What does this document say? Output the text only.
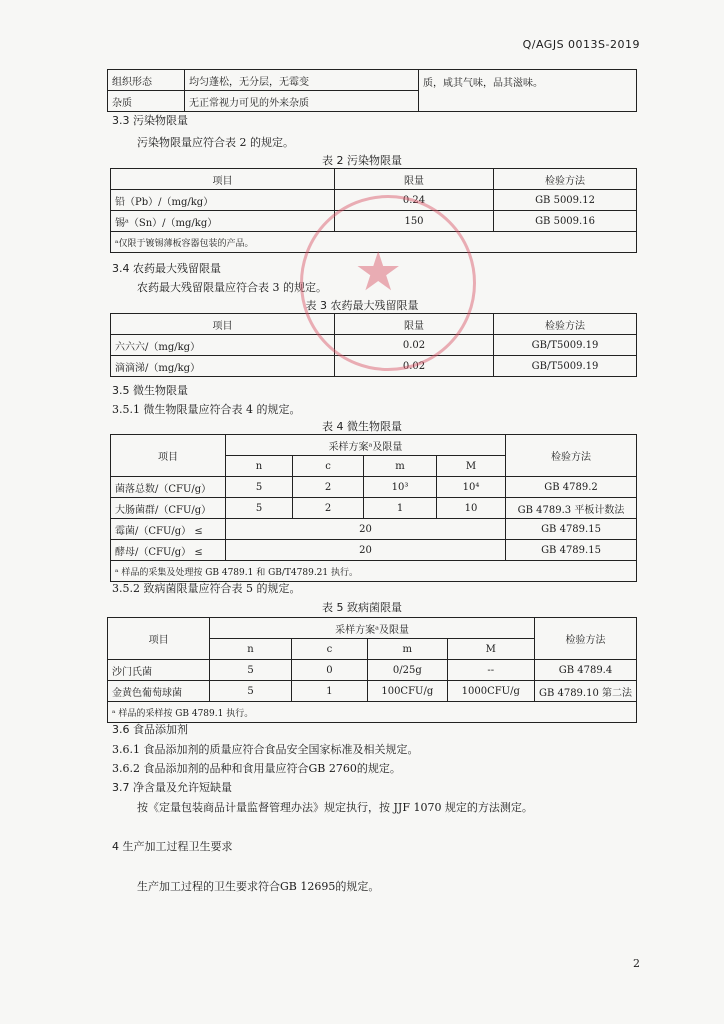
Q/AGJS 0013S-2019
组织形态	均匀蓬松，无分层，无霉变	质，咸其气味，品其滋味。
杂质	无正常视力可见的外来杂质	
3.3 污染物限量
污染物限量应符合表 2 的规定。
表 2 污染物限量
项目	限量	检验方法
铅（Pb）/（mg/kg）	0.24	GB 5009.12
锡ᵃ（Sn）/（mg/kg）	150	GB 5009.16
ᵃ仅限于镀锡薄板容器包装的产品。		
3.4 农药最大残留限量
农药最大残留限量应符合表 3 的规定。
表 3 农药最大残留限量
项目	限量	检验方法
六六六/（mg/kg）	0.02	GB/T5009.19
滴滴涕/（mg/kg）	0.02	GB/T5009.19
3.5 微生物限量
3.5.1 微生物限量应符合表 4 的规定。
表 4 微生物限量
项目	采样方案ᵃ及限量				检验方法
	n	c	m	M	
菌落总数/（CFU/g）	5	2	10³	10⁴	GB 4789.2
大肠菌群/（CFU/g）	5	2	1	10	GB 4789.3 平板计数法
霉菌/（CFU/g） ≤	20				GB 4789.15
酵母/（CFU/g） ≤	20				GB 4789.15
ᵃ 样品的采集及处理按 GB 4789.1 和 GB/T4789.21 执行。					
3.5.2 致病菌限量应符合表 5 的规定。
表 5 致病菌限量
项目	采样方案ᵃ及限量				检验方法
	n	c	m	M	
沙门氏菌	5	0	0/25g	--	GB 4789.4
金黄色葡萄球菌	5	1	100CFU/g	1000CFU/g	GB 4789.10 第二法
ᵃ 样品的采样按 GB 4789.1 执行。					
3.6 食品添加剂
3.6.1 食品添加剂的质量应符合食品安全国家标准及相关规定。
3.6.2 食品添加剂的品种和食用量应符合GB 2760的规定。
3.7 净含量及允许短缺量
按《定量包装商品计量监督管理办法》规定执行，按 JJF 1070 规定的方法测定。
4 生产加工过程卫生要求
生产加工过程的卫生要求符合GB 12695的规定。
★
2
